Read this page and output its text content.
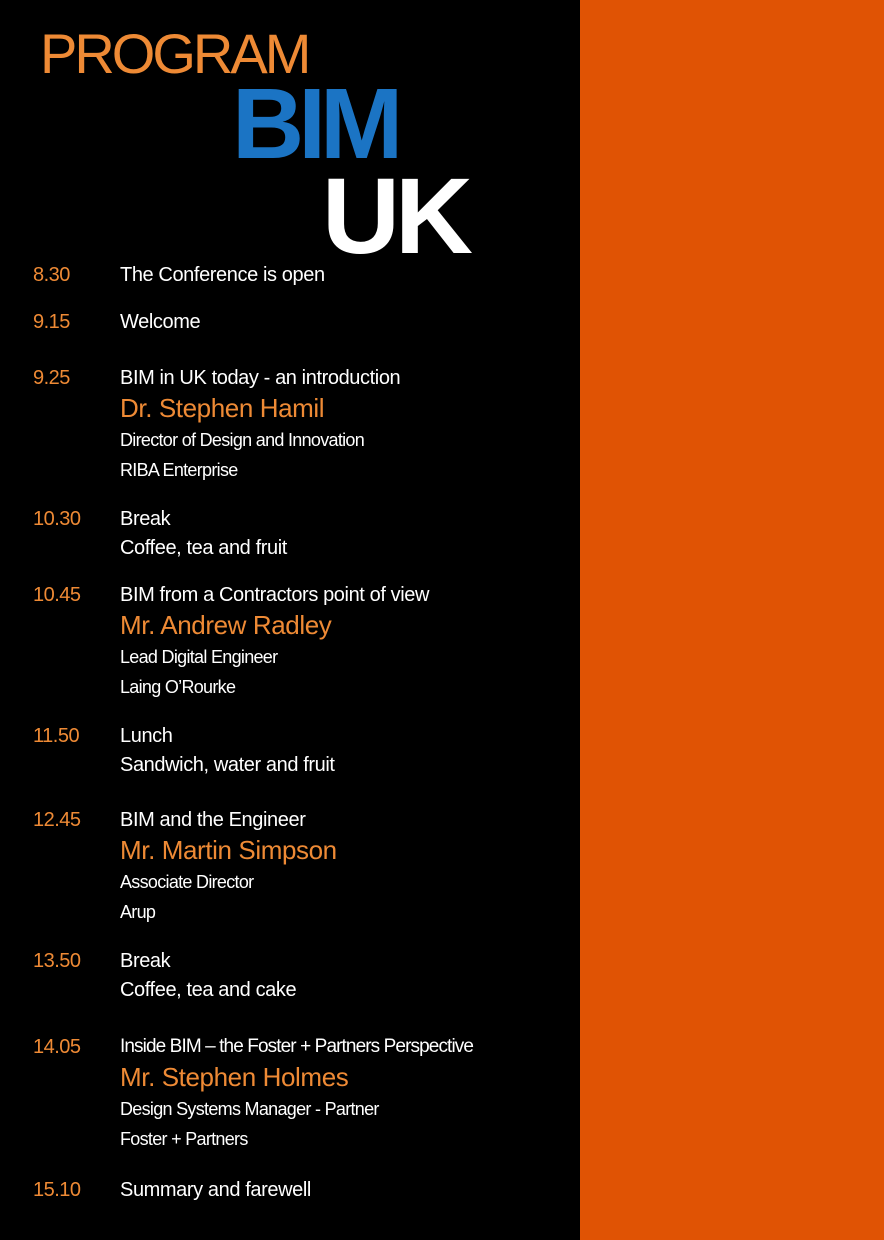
PROGRAM
BIM
UK
8.30	The Conference is open
9.15	Welcome
9.25	BIM in UK today - an introduction
Dr. Stephen Hamil
Director of Design and Innovation
RIBA Enterprise
10.30 Break
Coffee, tea and fruit
10.45 BIM from a Contractors point of view
Mr. Andrew Radley
Lead Digital Engineer
Laing O’Rourke
11.50 Lunch
Sandwich, water and fruit
12.45 BIM and the Engineer
Mr. Martin Simpson
Associate Director
Arup
13.50 Break
Coffee, tea and cake
14.05 Inside BIM – the Foster + Partners Perspective
Mr. Stephen Holmes
Design Systems Manager - Partner
Foster + Partners
15.10 Summary and farewell
